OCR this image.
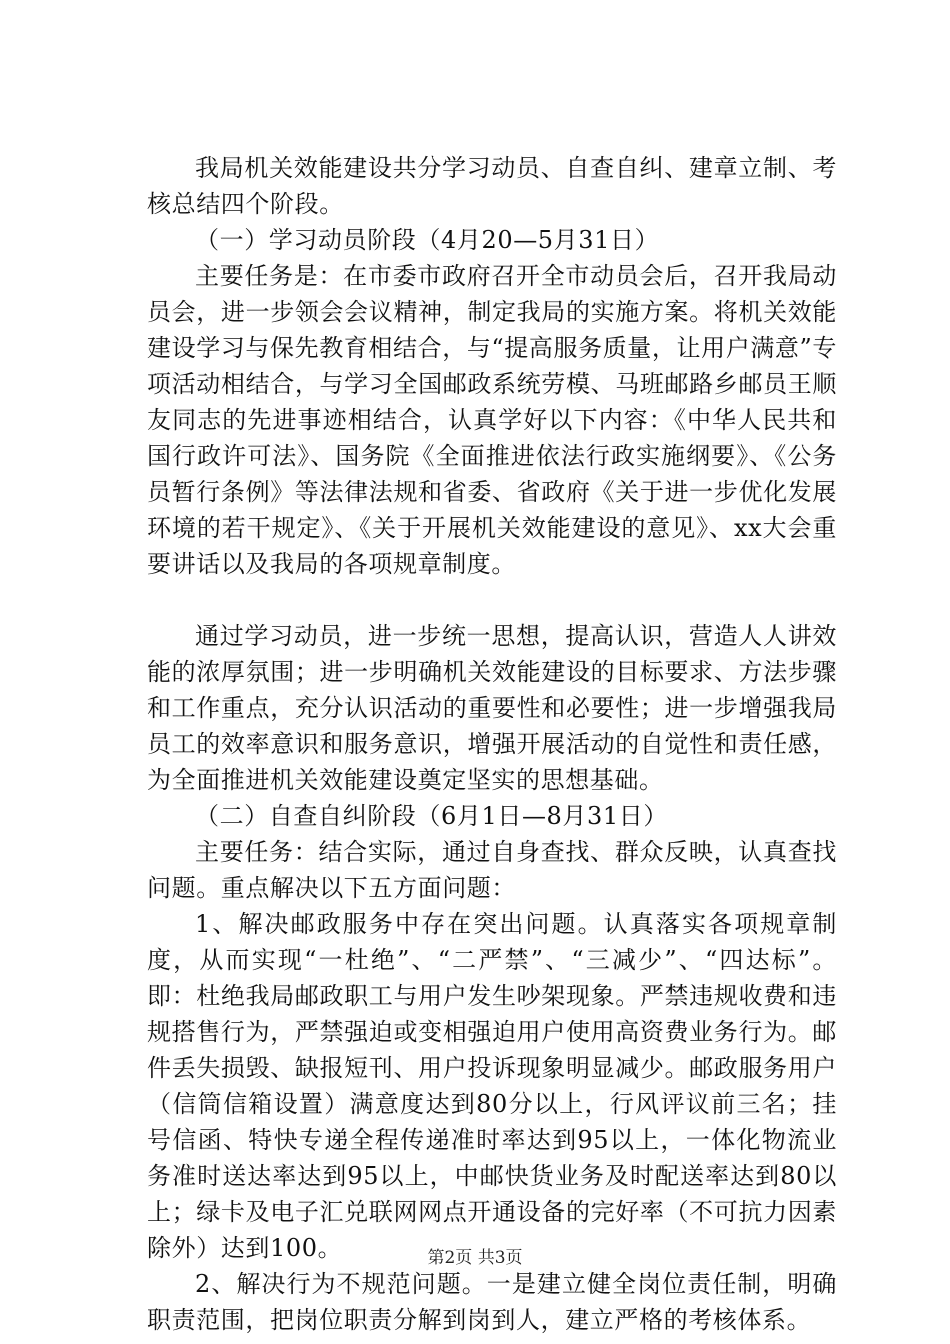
我局机关效能建设共分学习动员、自查自纠、建章立制、考核总结四个阶段。

（一）学习动员阶段（4月20—5月31日）

主要任务是：在市委市政府召开全市动员会后，召开我局动员会，进一步领会会议精神，制定我局的实施方案。将机关效能建设学习与保先教育相结合，与“提高服务质量，让用户满意”专项活动相结合，与学习全国邮政系统劳模、马班邮路乡邮员王顺友同志的先进事迹相结合，认真学好以下内容：《中华人民共和国行政许可法》、国务院《全面推进依法行政实施纲要》、《公务员暂行条例》等法律法规和省委、省政府《关于进一步优化发展环境的若干规定》、《关于开展机关效能建设的意见》、xx大会重要讲话以及我局的各项规章制度。

通过学习动员，进一步统一思想，提高认识，营造人人讲效能的浓厚氛围；进一步明确机关效能建设的目标要求、方法步骤和工作重点，充分认识活动的重要性和必要性；进一步增强我局员工的效率意识和服务意识，增强开展活动的自觉性和责任感，为全面推进机关效能建设奠定坚实的思想基础。

（二）自查自纠阶段（6月1日—8月31日）

主要任务：结合实际，通过自身查找、群众反映，认真查找问题。重点解决以下五方面问题：

1、解决邮政服务中存在突出问题。认真落实各项规章制度，从而实现“一杜绝”、“二严禁”、“三减少”、“四达标”。即：杜绝我局邮政职工与用户发生吵架现象。严禁违规收费和违规搭售行为，严禁强迫或变相强迫用户使用高资费业务行为。邮件丢失损毁、缺报短刊、用户投诉现象明显减少。邮政服务用户（信筒信箱设置）满意度达到80分以上，行风评议前三名；挂号信函、特快专递全程传递准时率达到95以上，一体化物流业务准时送达率达到95以上，中邮快货业务及时配送率达到80以上；绿卡及电子汇兑联网网点开通设备的完好率（不可抗力因素除外）达到100。

2、解决行为不规范问题。一是建立健全岗位责任制，明确职责范围，把岗位职责分解到岗到人，建立严格的考核体系。

第2页 共3页
